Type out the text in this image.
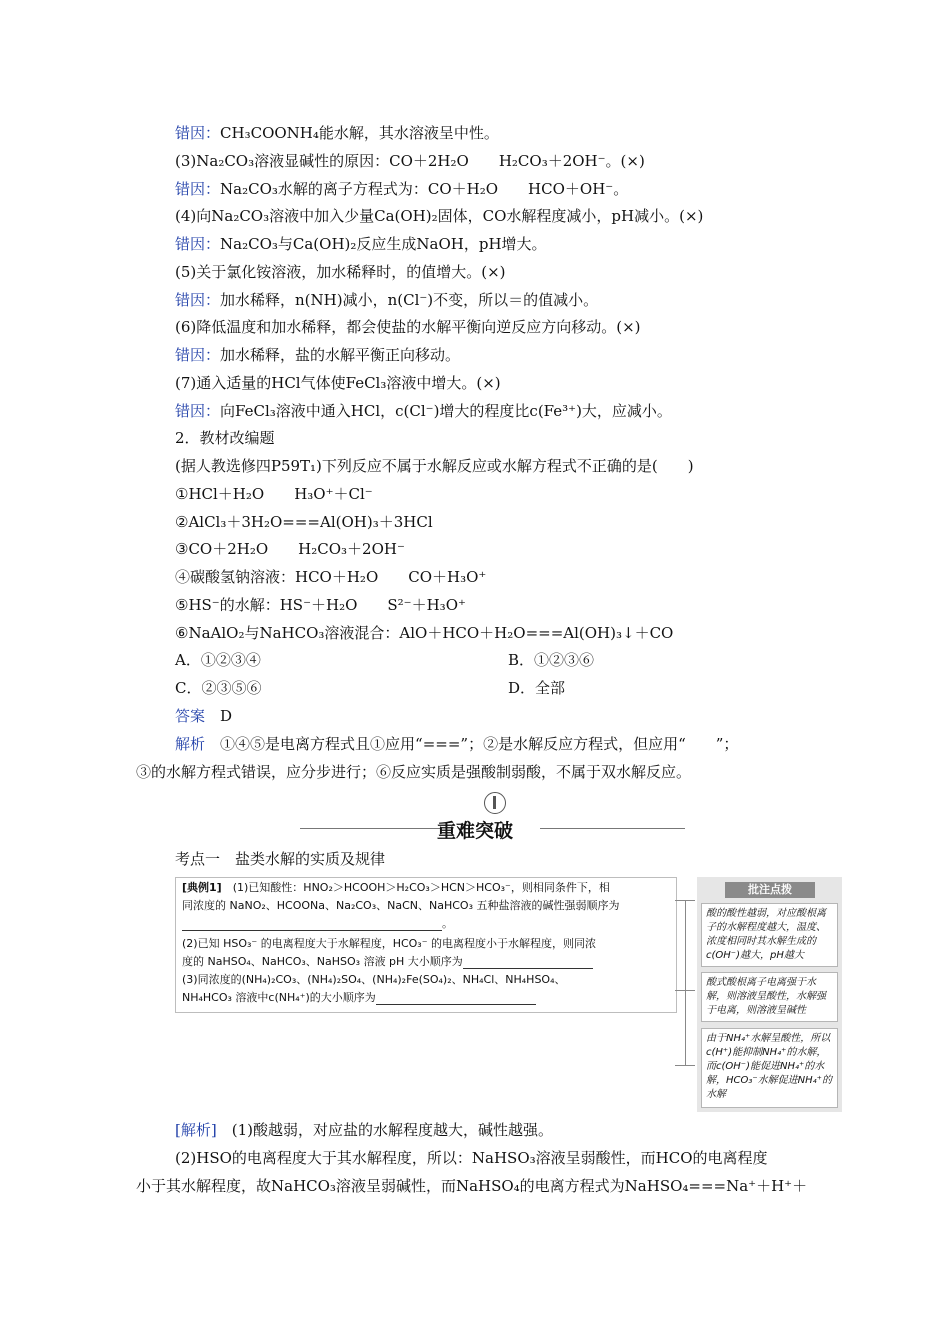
错因：CH₃COONH₄能水解，其水溶液呈中性。
(3)Na₂CO₃溶液显碱性的原因：CO＋2H₂O　　H₂CO₃＋2OH⁻。(×)
错因：Na₂CO₃水解的离子方程式为：CO＋H₂O　　HCO＋OH⁻。
(4)向Na₂CO₃溶液中加入少量Ca(OH)₂固体，CO水解程度减小，pH减小。(×)
错因：Na₂CO₃与Ca(OH)₂反应生成NaOH，pH增大。
(5)关于氯化铵溶液，加水稀释时，的值增大。(×)
错因：加水稀释，n(NH)减小，n(Cl⁻)不变，所以＝的值减小。
(6)降低温度和加水稀释，都会使盐的水解平衡向逆反应方向移动。(×)
错因：加水稀释，盐的水解平衡正向移动。
(7)通入适量的HCl气体使FeCl₃溶液中增大。(×)
错因：向FeCl₃溶液中通入HCl，c(Cl⁻)增大的程度比c(Fe³⁺)大，应减小。
2．教材改编题
(据人教选修四P59T₁)下列反应不属于水解反应或水解方程式不正确的是(　　)
①HCl＋H₂O　　H₃O⁺＋Cl⁻
②AlCl₃＋3H₂O===Al(OH)₃＋3HCl
③CO＋2H₂O　　H₂CO₃＋2OH⁻
④碳酸氢钠溶液：HCO＋H₂O　　CO＋H₃O⁺
⑤HS⁻的水解：HS⁻＋H₂O　　S²⁻＋H₃O⁺
⑥NaAlO₂与NaHCO₃溶液混合：AlO＋HCO＋H₂O===Al(OH)₃↓＋CO
A．①②③④	B．①②③⑥
C．②③⑤⑥	D．全部
答案　 D
解析　 ①④⑤是电离方程式且①应用“===”；②是水解反应方程式，但应用“　　”；
③的水解方程式错误，应分步进行；⑥反应实质是强酸制弱酸，不属于双水解反应。
重难突破
考点一　盐类水解的实质及规律
[典例1]　 (1)已知酸性：HNO₂＞HCOOH＞H₂CO₃＞HCN＞HCO₃⁻，则相同条件下，相
同浓度的 NaNO₂、HCOONa、Na₂CO₃、NaCN、NaHCO₃ 五种盐溶液的碱性强弱顺序为
。
(2)已知 HSO₃⁻ 的电离程度大于水解程度，HCO₃⁻ 的电离程度小于水解程度，则同浓
度的 NaHSO₄、NaHCO₃、NaHSO₃ 溶液 pH 大小顺序为
(3)同浓度的(NH₄)₂CO₃、(NH₄)₂SO₄、(NH₄)₂Fe(SO₄)₂、NH₄Cl、NH₄HSO₄、
NH₄HCO₃ 溶液中c(NH₄⁺)的大小顺序为
批注点拨
酸的酸性越弱，对应酸根离子的水解程度越大，温度、浓度相同时其水解生成的c(OH⁻)越大，pH越大
酸式酸根离子电离强于水解，则溶液呈酸性，水解强于电离，则溶液呈碱性
由于NH₄⁺水解呈酸性，所以c(H⁺)能抑制NH₄⁺的水解，而c(OH⁻)能促进NH₄⁺的水解，HCO₃⁻水解促进NH₄⁺的水解
[解析]　 (1)酸越弱，对应盐的水解程度越大，碱性越强。
(2)HSO的电离程度大于其水解程度，所以：NaHSO₃溶液呈弱酸性，而HCO的电离程度
小于其水解程度，故NaHCO₃溶液呈弱碱性，而NaHSO₄的电离方程式为NaHSO₄===Na⁺＋H⁺＋
